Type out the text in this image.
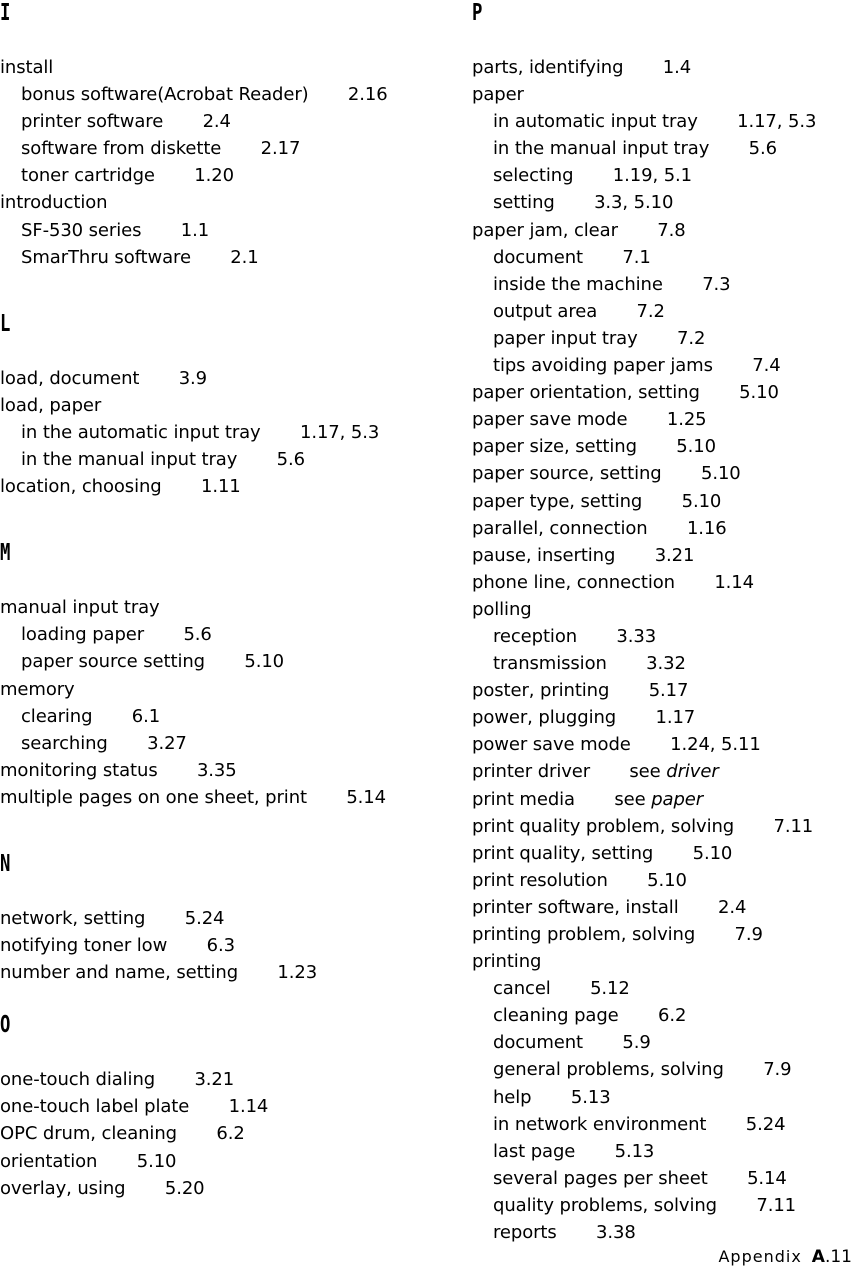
I
install
bonus software(Acrobat Reader) 2.16
printer software 2.4
software from diskette 2.17
toner cartridge 1.20
introduction
SF-530 series 1.1
SmarThru software 2.1
L
load, document 3.9
load, paper
in the automatic input tray 1.17, 5.3
in the manual input tray 5.6
location, choosing 1.11
M
manual input tray
loading paper 5.6
paper source setting 5.10
memory
clearing 6.1
searching 3.27
monitoring status 3.35
multiple pages on one sheet, print 5.14
N
network, setting 5.24
notifying toner low 6.3
number and name, setting 1.23
O
one-touch dialing 3.21
one-touch label plate 1.14
OPC drum, cleaning 6.2
orientation 5.10
overlay, using 5.20
P
parts, identifying 1.4
paper
in automatic input tray 1.17, 5.3
in the manual input tray 5.6
selecting 1.19, 5.1
setting 3.3, 5.10
paper jam, clear 7.8
document 7.1
inside the machine 7.3
output area 7.2
paper input tray 7.2
tips avoiding paper jams 7.4
paper orientation, setting 5.10
paper save mode 1.25
paper size, setting 5.10
paper source, setting 5.10
paper type, setting 5.10
parallel, connection 1.16
pause, inserting 3.21
phone line, connection 1.14
polling
reception 3.33
transmission 3.32
poster, printing 5.17
power, plugging 1.17
power save mode 1.24, 5.11
printer driver see driver
print media see paper
print quality problem, solving 7.11
print quality, setting 5.10
print resolution 5.10
printer software, install 2.4
printing problem, solving 7.9
printing
cancel 5.12
cleaning page 6.2
document 5.9
general problems, solving 7.9
help 5.13
in network environment 5.24
last page 5.13
several pages per sheet 5.14
quality problems, solving 7.11
reports 3.38
Appendix A.11
